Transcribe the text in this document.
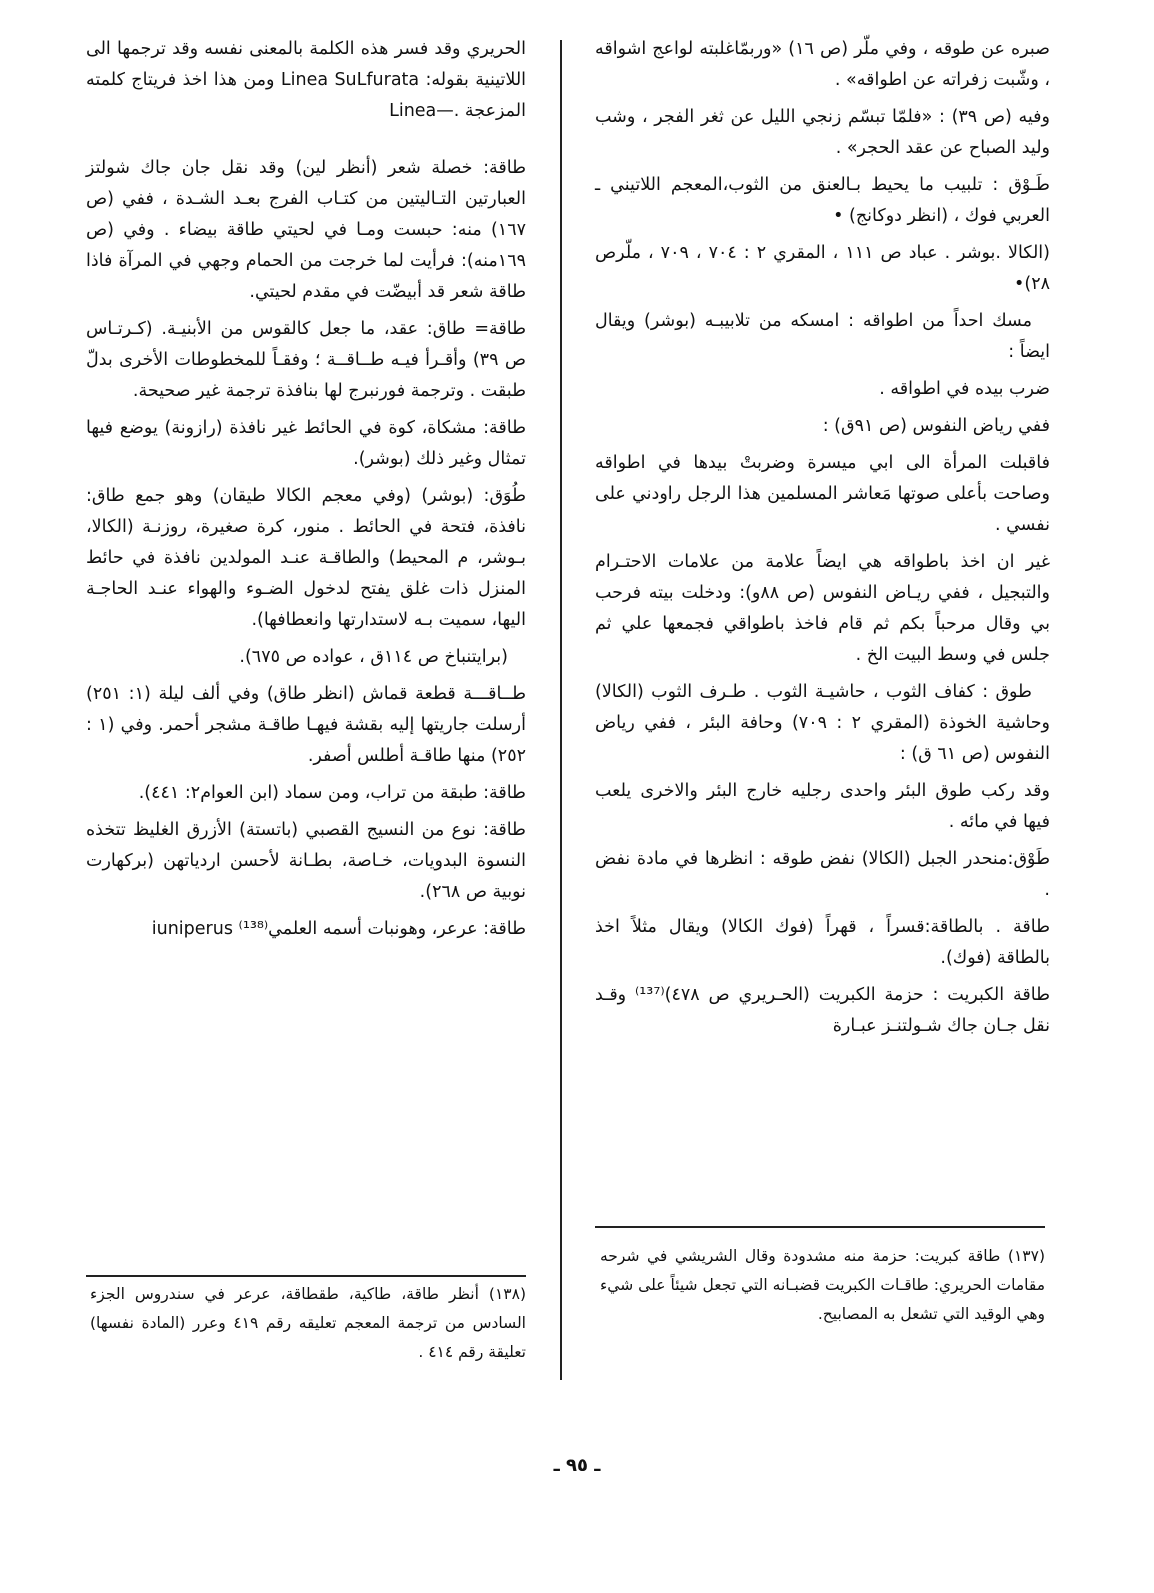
صبره عن طوقه ، وفي ملّر (ص ١٦) «وربمّاغلبته لواعج اشواقه ، وشّبت زفراته عن اطواقه» .

وفيه (ص ٣٩) : «فلمّا تبسّم زنجي الليل عن ثغر الفجر ، وشب وليد الصباح عن عقد الحجر» .

طَـوْق : تلبيب ما يحيط بـالعنق من الثوب،المعجم اللاتيني ـ العربي فوك ، (انظر دوكانج) •

(الكالا .بوشر . عباد ص ١١١ ، المقري ٢ : ٧٠٤ ، ٧٠٩ ، ملّرص ٢٨)•

مسك احداً من اطواقه : امسكه من تلابيبـه (بوشر) ويقال ايضاً :

ضرب بيده في اطواقه .

ففي رياض النفوس (ص ٩١ق) :

فاقبلت المرأة الى ابي ميسرة وضربتْ بيدها في اطواقه وصاحت بأعلى صوتها مَعاشر المسلمين هذا الرجل راودني على نفسي .

غير ان اخذ باطواقه هي ايضاً علامة من علامات الاحتـرام والتبجيل ، ففي ريـاض النفوس (ص ٨٨و): ودخلت بيته فرحب بي وقال مرحباً بكم ثم قام فاخذ باطواقي فجمعها علي ثم جلس في وسط البيت الخ .

طوق : كفاف الثوب ، حاشيـة الثوب . طـرف الثوب (الكالا) وحاشية الخوذة (المقري ٢ : ٧٠٩) وحافة البئر ، ففي رياض النفوس (ص ٦١ ق) :

وقد ركب طوق البئر واحدى رجليه خارج البئر والاخرى يلعب فيها في مائه .

طَوْق:منحدر الجبل (الكالا) نفض طوقه : انظرها في مادة نفض .

طاقة . بالطاقة:قسراً ، قهراً (فوك الكالا) ويقال مثلاً اخذ بالطاقة (فوك).

طاقة الكبريت : حزمة الكبريت (الحـريري ص ٤٧٨)⁽¹³⁷⁾ وقـد نقل جـان جاك شـولتنـز عبـارة

الحريري وقد فسر هذه الكلمة بالمعنى نفسه وقد ترجمها الى اللاتينية بقوله: Linea SuLfurata ومن هذا اخذ فريتاج كلمته المزعجة .—Linea

طاقة: خصلة شعر (أنظر لين) وقد نقل جان جاك شولتز العبارتين التـاليتين من كتـاب الفرج بعـد الشـدة ، ففي (ص ١٦٧) منه: حبست ومـا في لحيتي طاقة بيضاء . وفي (ص ١٦٩منه): فرأيت لما خرجت من الحمام وجهي في المرآة فاذا طاقة شعر قد أبيضّت في مقدم لحيتي.

طاقة= طاق: عقد، ما جعل كالقوس من الأبنيـة. (كـرتـاس ص ٣٩) وأقـرأ فيـه طــاقــة ؛ وفقـاً للمخطوطات الأخرى بدلّ طبقت . وترجمة فورنبرج لها بنافذة ترجمة غير صحيحة.

طاقة: مشكاة، كوة في الحائط غير نافذة (رازونة) يوضع فيها تمثال وغير ذلك (بوشر).

طُوَق: (بوشر) (وفي معجم الكالا طيقان) وهو جمع طاق: نافذة، فتحة في الحائط . منور، كرة صغيرة، روزنـة (الكالا، بـوشر، م المحيط) والطاقـة عنـد المولدين نافذة في حائط المنزل ذات غلق يفتح لدخول الضـوء والهواء عنـد الحاجـة اليها، سميت بـه لاستدارتها وانعطافها).

(برايتنباخ ص ١١٤ق ، عواده ص ٦٧٥).

طــاقـــة قطعة قماش (انظر طاق) وفي ألف ليلة (١: ٢٥١) أرسلت جاريتها إليه بقشة فيهـا طاقـة مشجر أحمر. وفي (١ : ٢٥٢) منها طاقـة أطلس أصفر.

طاقة: طبقة من تراب، ومن سماد (ابن العوام٢: ٤٤١).

طاقة: نوع من النسيج القصبي (باتستة) الأزرق الغليظ تتخذه النسوة البدويات، خـاصة، بطـانة لأحسن اردياتهن (بركهارت نوبية ص ٢٦٨).

طاقة: عرعر، وهونبات أسمه العلمي⁽¹³⁸⁾ iuniperus

(١٣٧) طاقة كبريت: حزمة منه مشدودة وقال الشريشي في شرحه مقامات الحريري: طاقـات الكبريت قضبـانه التي تجعل شيئاً على شيء وهي الوقيد التي تشعل به المصابيح.
(١٣٨) أنظر طاقة، طاكية، طقطاقة، عرعر في سندروس الجزء السادس من ترجمة المعجم تعليقه رقم ٤١٩ وعرر (المادة نفسها) تعليقة رقم ٤١٤ .
ـ ٩٥ ـ
